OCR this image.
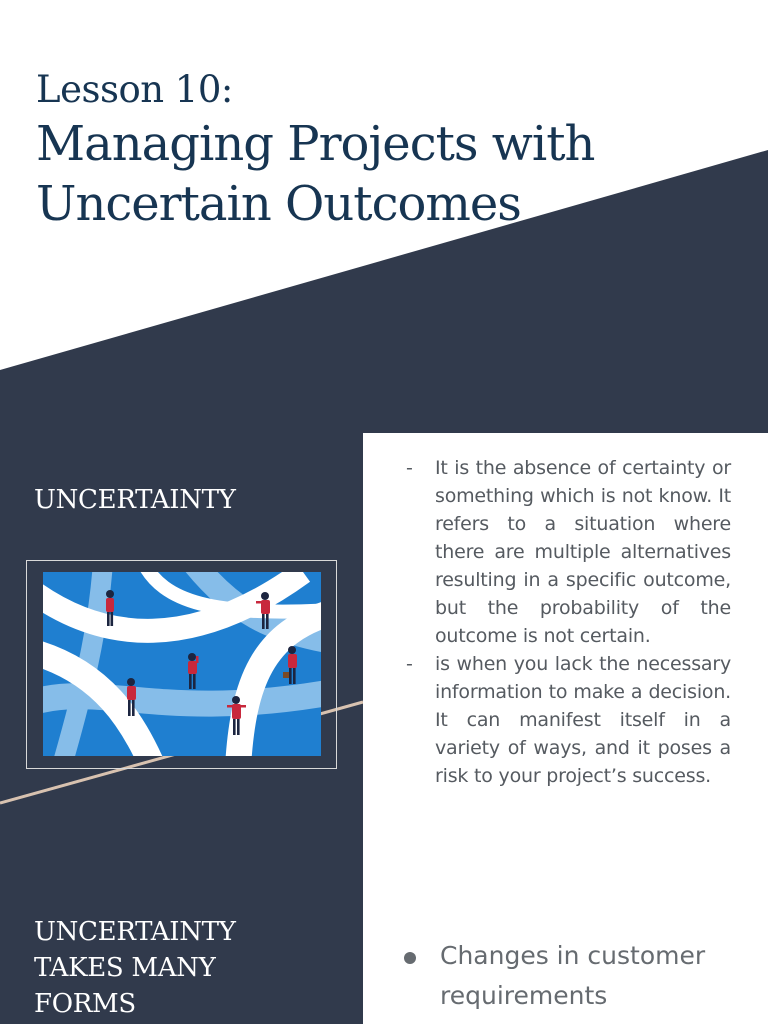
Lesson 10:
Managing Projects with
Uncertain Outcomes
UNCERTAINTY
- It is the absence of certainty or something which is not know. It refers to a situation where there are multiple alternatives resulting in a specific outcome, but the probability of the outcome is not certain.
- is when you lack the necessary information to make a decision. It can manifest itself in a variety of ways, and it poses a risk to your project’s success.
UNCERTAINTY
TAKES MANY
FORMS
Changes in customer requirements
